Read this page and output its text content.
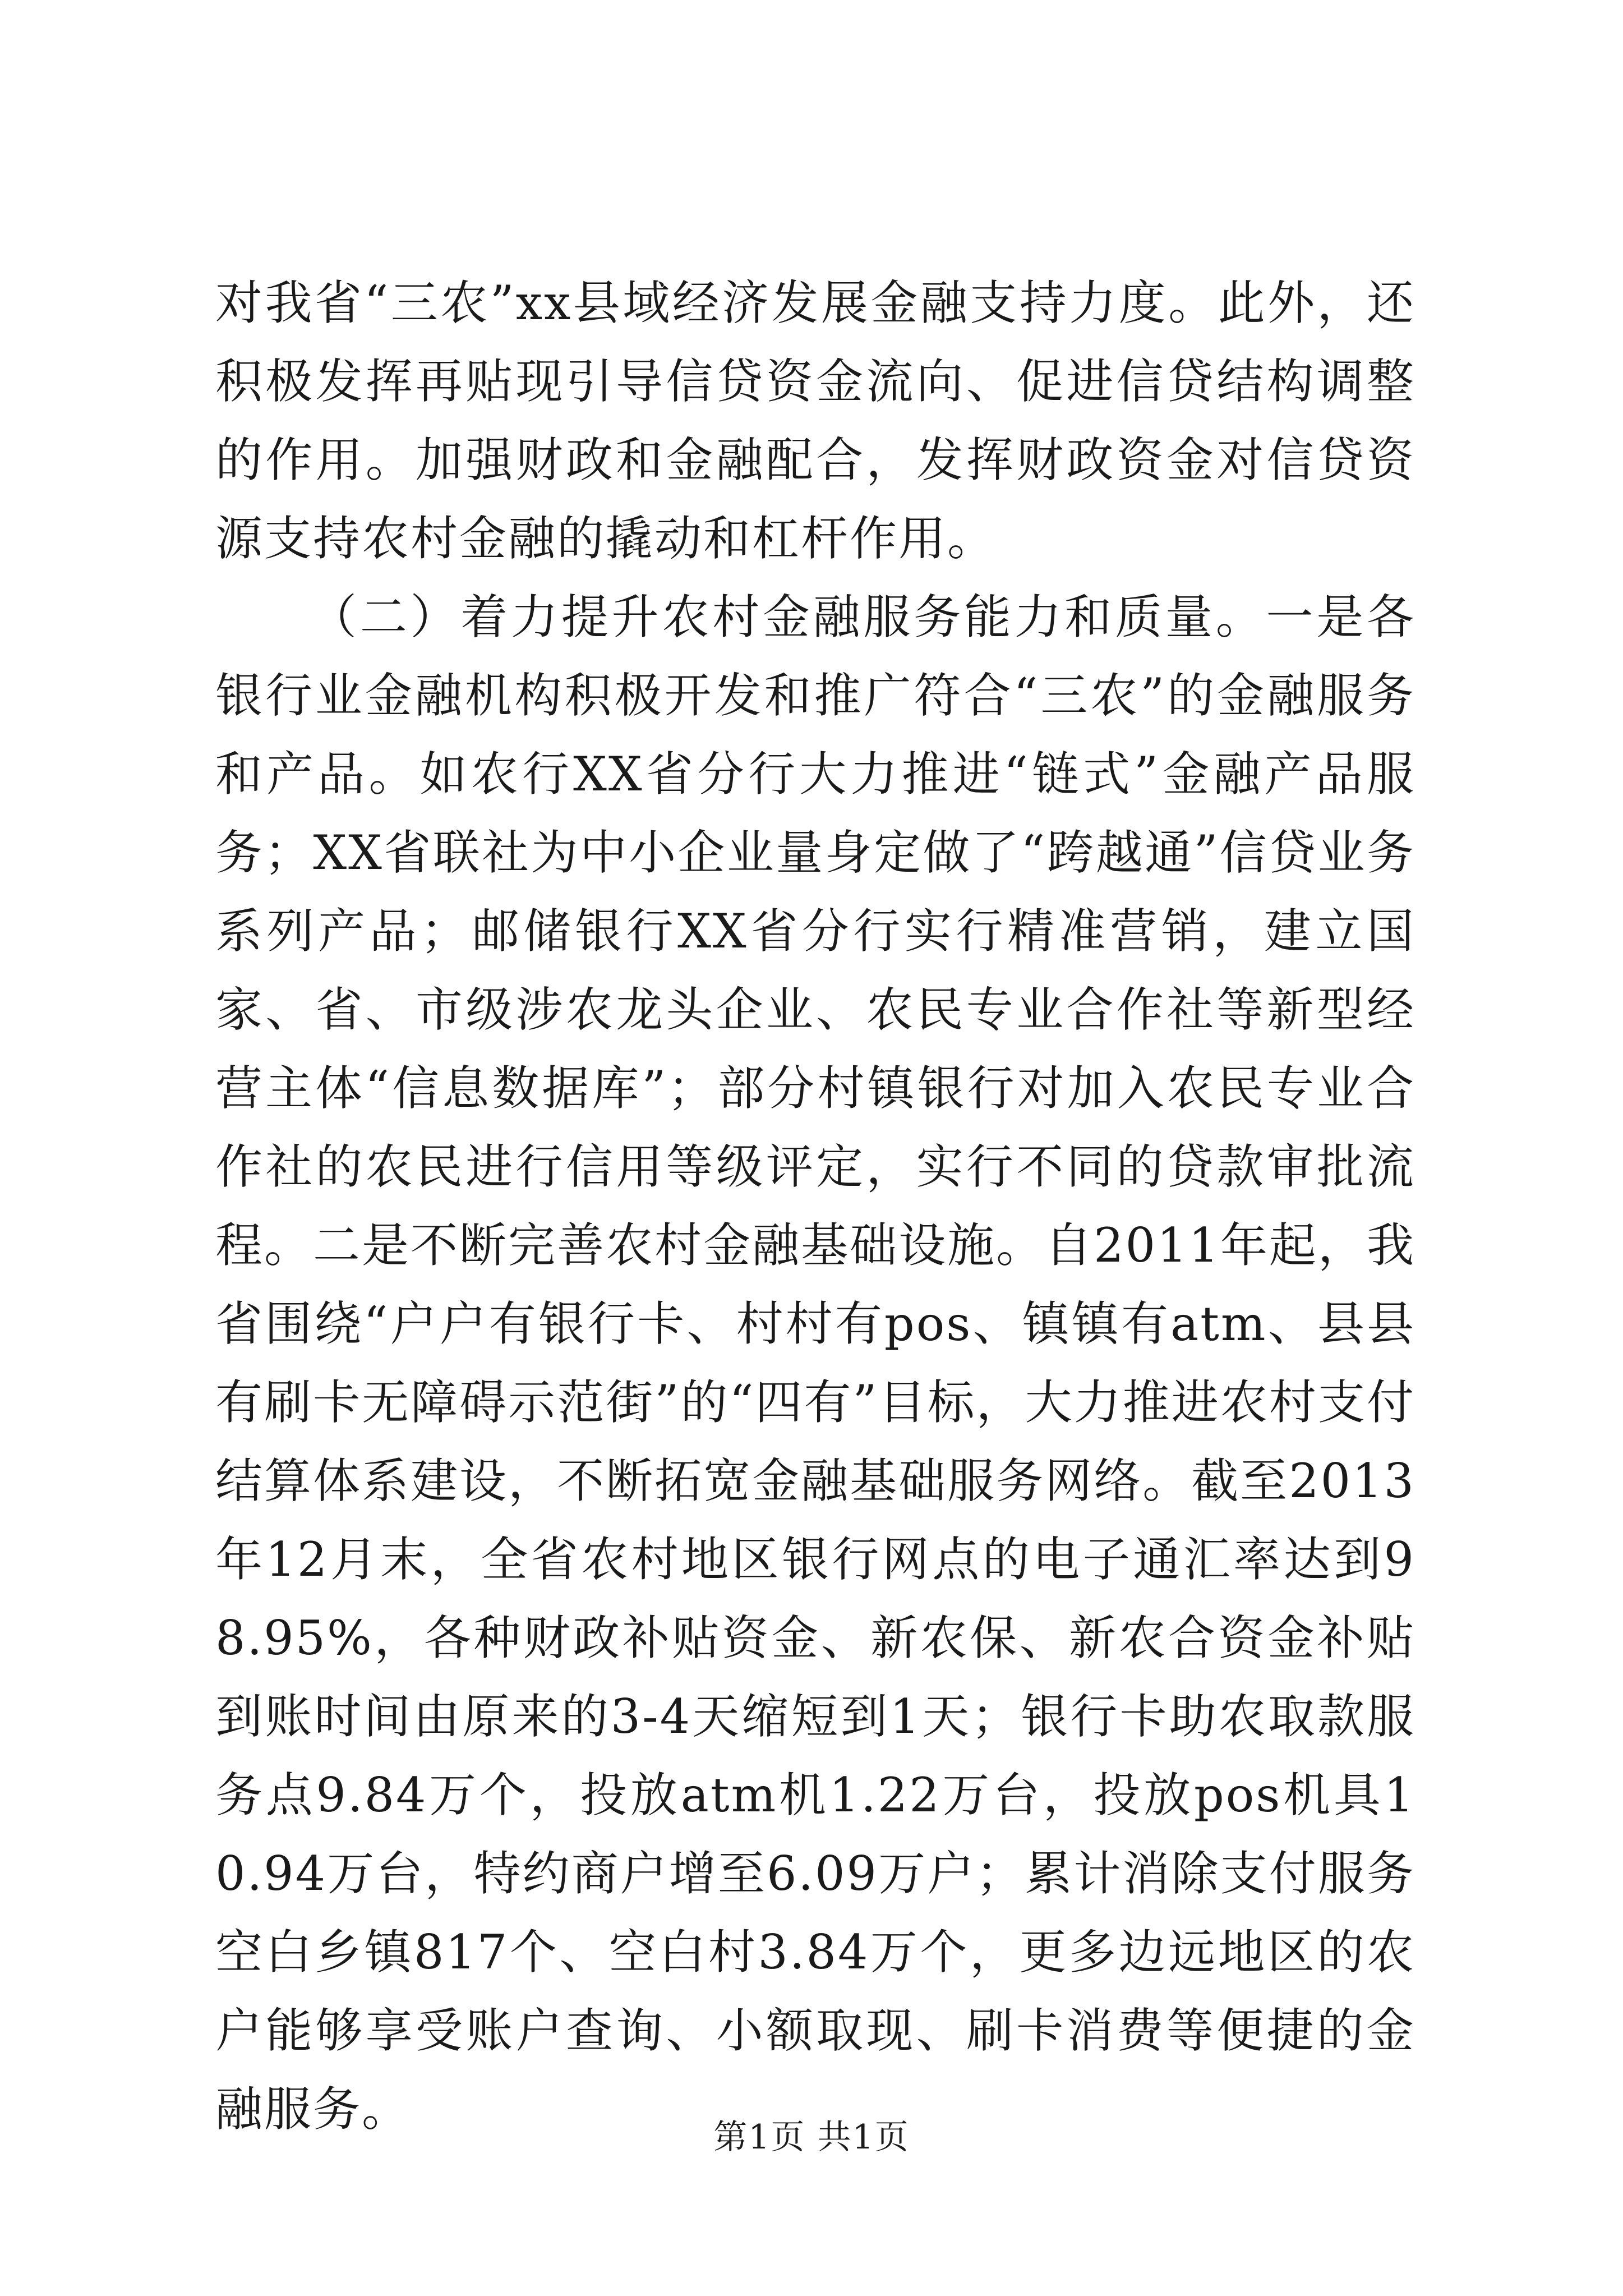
对我省“三农”xx县域经济发展金融支持力度。此外，还积极发挥再贴现引导信贷资金流向、促进信贷结构调整的作用。加强财政和金融配合，发挥财政资金对信贷资源支持农村金融的撬动和杠杆作用。

（二）着力提升农村金融服务能力和质量。一是各银行业金融机构积极开发和推广符合“三农”的金融服务和产品。如农行XX省分行大力推进“链式”金融产品服务；XX省联社为中小企业量身定做了“跨越通”信贷业务系列产品；邮储银行XX省分行实行精准营销，建立国家、省、市级涉农龙头企业、农民专业合作社等新型经营主体“信息数据库”；部分村镇银行对加入农民专业合作社的农民进行信用等级评定，实行不同的贷款审批流程。二是不断完善农村金融基础设施。自2011年起，我省围绕“户户有银行卡、村村有pos、镇镇有atm、县县有刷卡无障碍示范街”的“四有”目标，大力推进农村支付结算体系建设，不断拓宽金融基础服务网络。截至2013年12月末，全省农村地区银行网点的电子通汇率达到98.95%，各种财政补贴资金、新农保、新农合资金补贴到账时间由原来的3-4天缩短到1天；银行卡助农取款服务点9.84万个，投放atm机1.22万台，投放pos机具10.94万台，特约商户增至6.09万户；累计消除支付服务空白乡镇817个、空白村3.84万个，更多边远地区的农户能够享受账户查询、小额取现、刷卡消费等便捷的金融服务。

第1页 共1页
